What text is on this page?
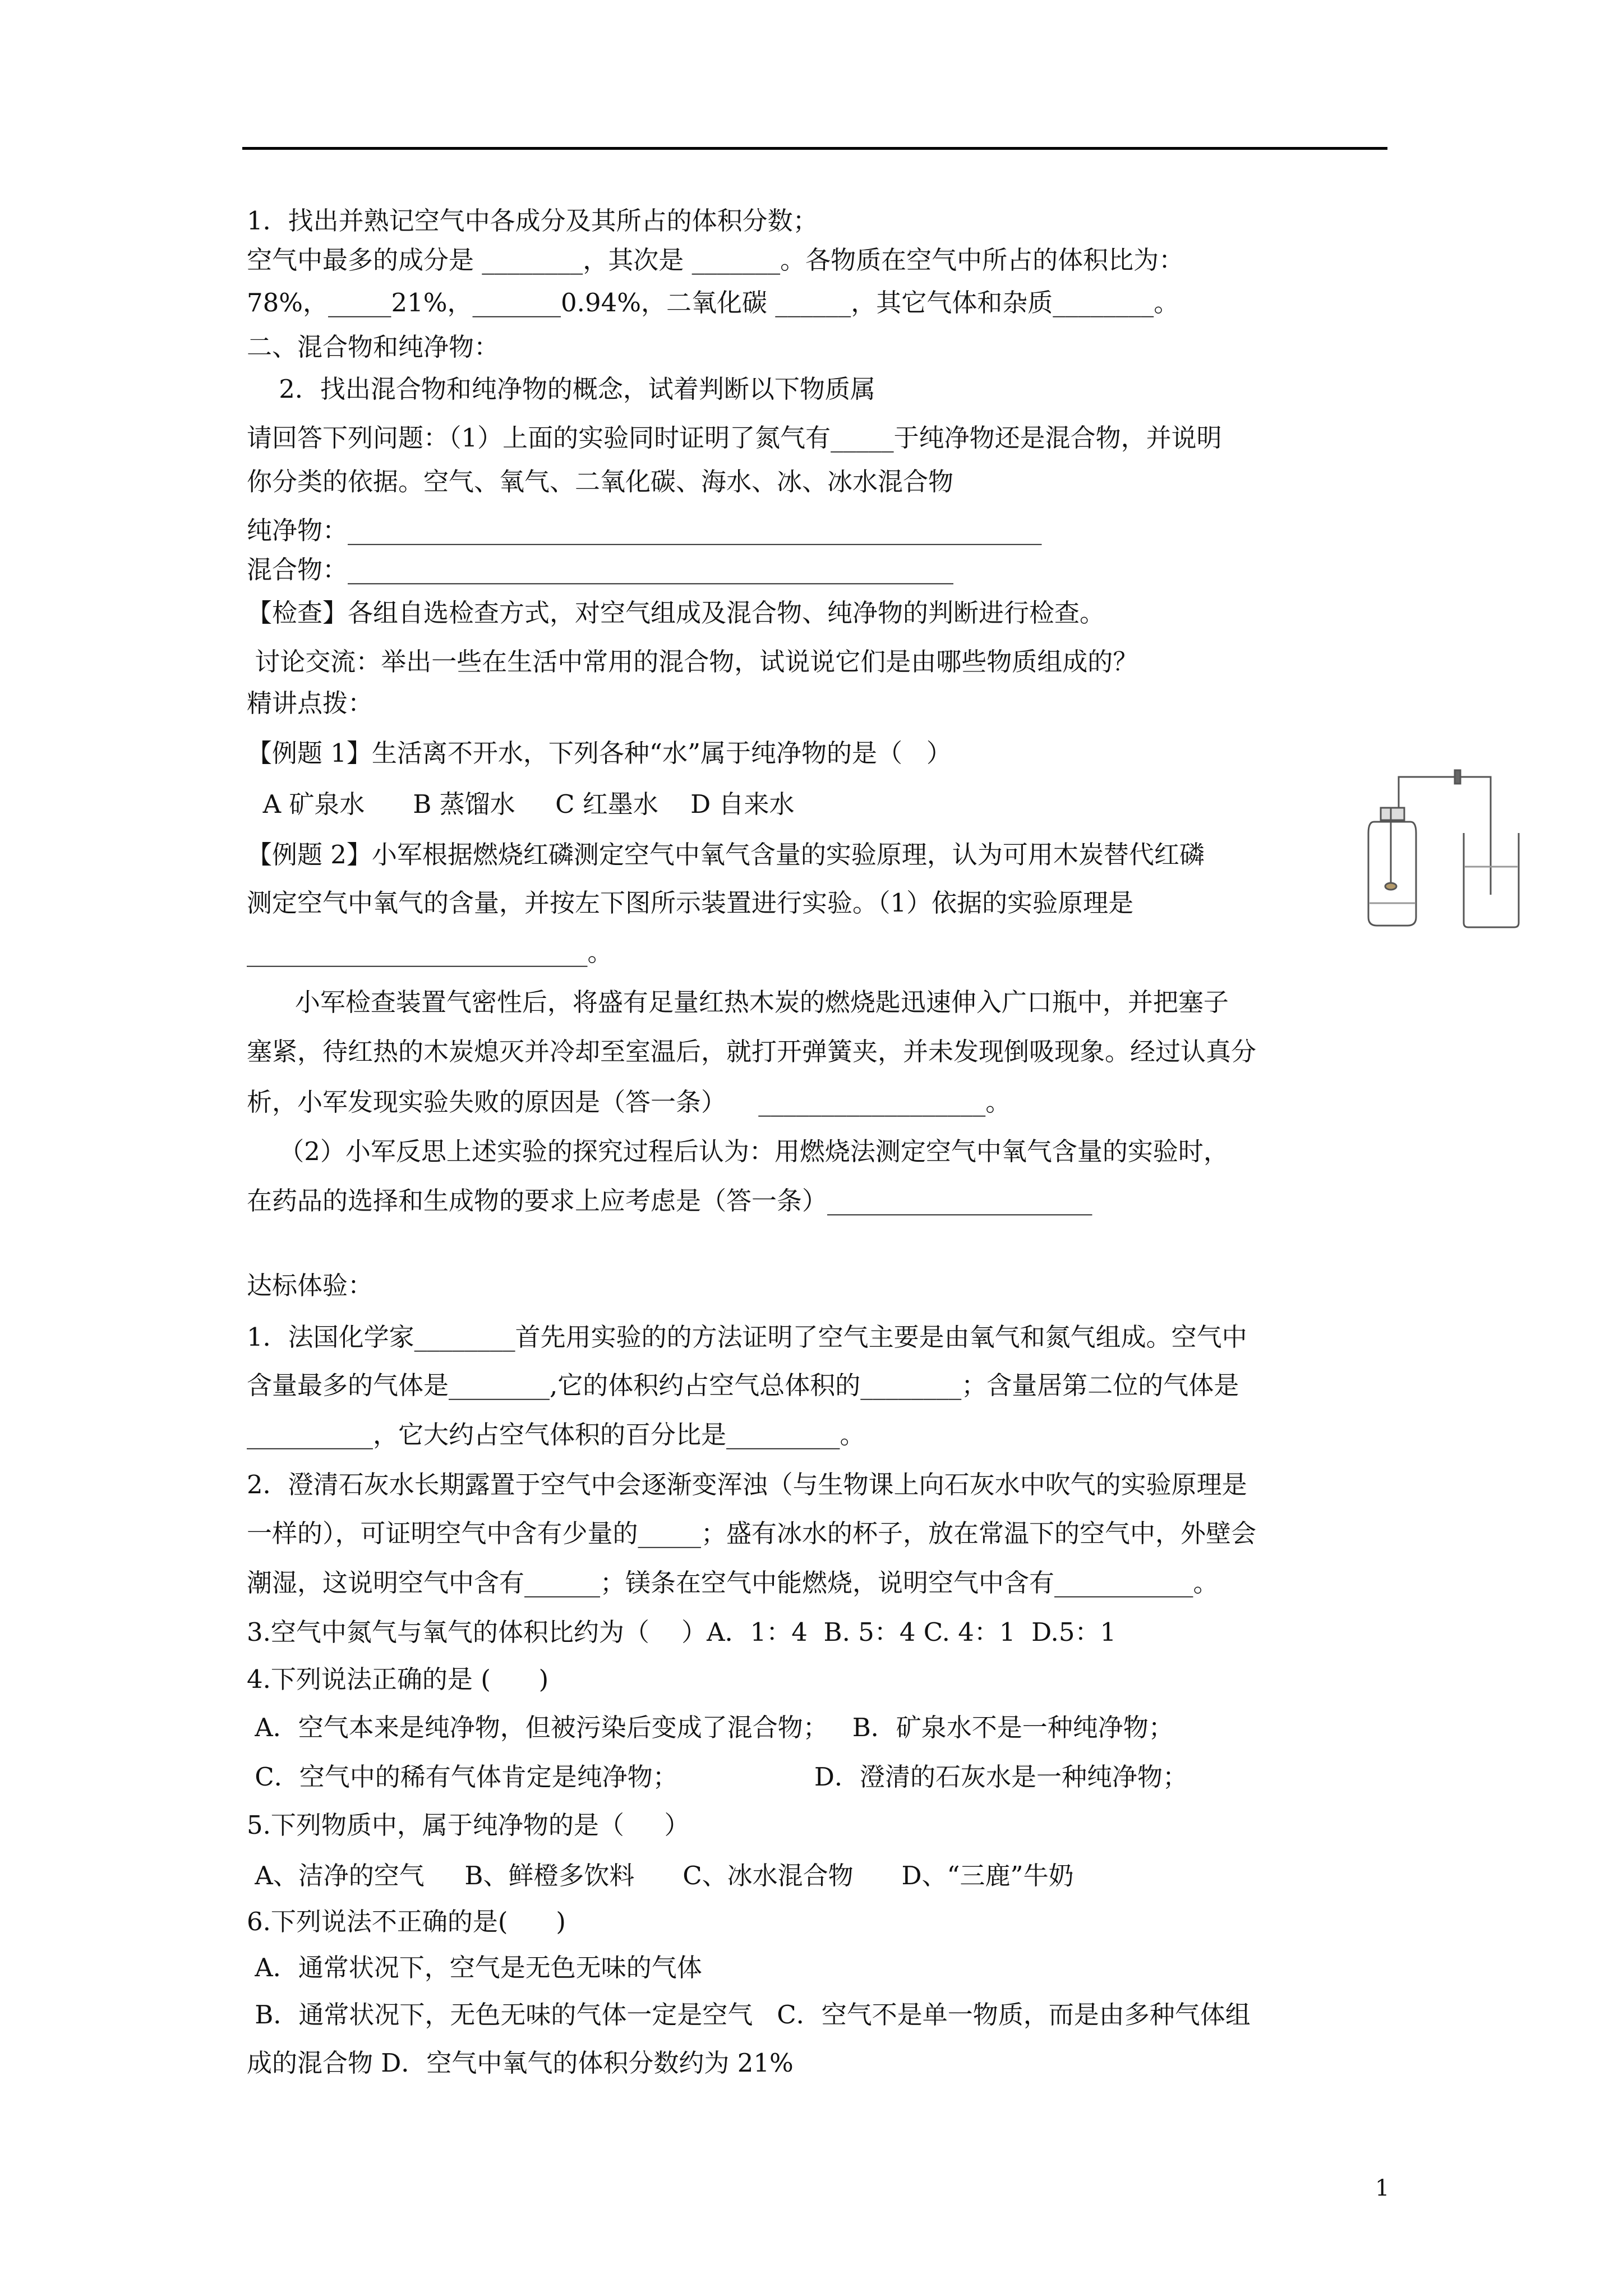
1．找出并熟记空气中各成分及其所占的体积分数；

空气中最多的成分是 ________，其次是 _______。各物质在空气中所占的体积比为：

78%，_____21%，_______0.94%，二氧化碳 ______，其它气体和杂质________。

二、混合物和纯净物：

2．找出混合物和纯净物的概念，试着判断以下物质属

请回答下列问题：（1）上面的实验同时证明了氮气有_____于纯净物还是混合物，并说明

你分类的依据。空气、氧气、二氧化碳、海水、冰、冰水混合物

纯净物：_______________________________________________________

混合物：________________________________________________

【检查】各组自选检查方式，对空气组成及混合物、纯净物的判断进行检查。

讨论交流：举出一些在生活中常用的混合物，试说说它们是由哪些物质组成的？

精讲点拨：

【例题 1】生活离不开水，下列各种“水”属于纯净物的是（   ）

A 矿泉水      B 蒸馏水     C 红墨水    D 自来水

【例题 2】小军根据燃烧红磷测定空气中氧气含量的实验原理，认为可用木炭替代红磷

测定空气中氧气的含量，并按左下图所示装置进行实验。（1）依据的实验原理是

___________________________。

小军检查装置气密性后，将盛有足量红热木炭的燃烧匙迅速伸入广口瓶中，并把塞子

塞紧，待红热的木炭熄灭并冷却至室温后，就打开弹簧夹，并未发现倒吸现象。经过认真分

析，小军发现实验失败的原因是（答一条）    __________________。

（2）小军反思上述实验的探究过程后认为：用燃烧法测定空气中氧气含量的实验时，

在药品的选择和生成物的要求上应考虑是（答一条）_____________________

达标体验：

1．法国化学家________首先用实验的的方法证明了空气主要是由氧气和氮气组成。空气中

含量最多的气体是________,它的体积约占空气总体积的________；含量居第二位的气体是

__________，它大约占空气体积的百分比是_________。

2．澄清石灰水长期露置于空气中会逐渐变浑浊（与生物课上向石灰水中吹气的实验原理是

一样的），可证明空气中含有少量的_____；盛有冰水的杯子，放在常温下的空气中，外壁会

潮湿，这说明空气中含有______；镁条在空气中能燃烧，说明空气中含有___________。

3.空气中氮气与氧气的体积比约为（    ）A．1：4  B. 5：4 C. 4：1  D.5：1

4.下列说法正确的是 (      )

A．空气本来是纯净物，但被污染后变成了混合物；   B．矿泉水不是一种纯净物；

C．空气中的稀有气体肯定是纯净物；                 D．澄清的石灰水是一种纯净物；

5.下列物质中，属于纯净物的是（     ）

A、洁净的空气     B、鲜橙多饮料      C、冰水混合物      D、“三鹿”牛奶

6.下列说法不正确的是(      )

A．通常状况下，空气是无色无味的气体

B．通常状况下，无色无味的气体一定是空气   C．空气不是单一物质，而是由多种气体组

成的混合物 D．空气中氧气的体积分数约为 21%

1
